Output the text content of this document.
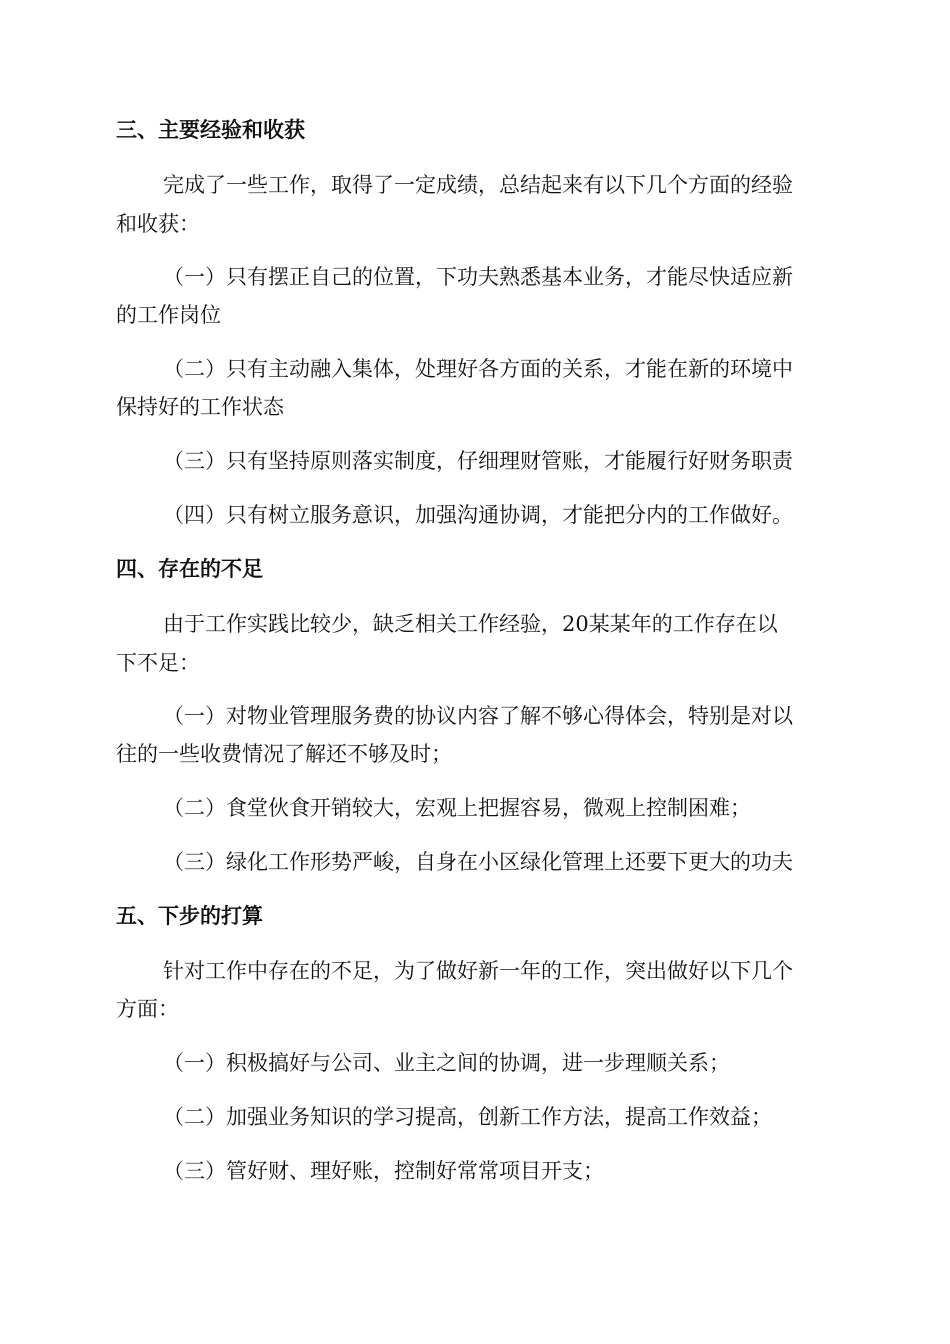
三、主要经验和收获
完成了一些工作，取得了一定成绩，总结起来有以下几个方面的经验
和收获：
（一）只有摆正自己的位置，下功夫熟悉基本业务，才能尽快适应新
的工作岗位
（二）只有主动融入集体，处理好各方面的关系，才能在新的环境中
保持好的工作状态
（三）只有坚持原则落实制度，仔细理财管账，才能履行好财务职责
（四）只有树立服务意识，加强沟通协调，才能把分内的工作做好。
四、存在的不足
由于工作实践比较少，缺乏相关工作经验，20某某年的工作存在以
下不足：
（一）对物业管理服务费的协议内容了解不够心得体会，特别是对以
往的一些收费情况了解还不够及时；
（二）食堂伙食开销较大，宏观上把握容易，微观上控制困难；
（三）绿化工作形势严峻，自身在小区绿化管理上还要下更大的功夫
五、下步的打算
针对工作中存在的不足，为了做好新一年的工作，突出做好以下几个
方面：
（一）积极搞好与公司、业主之间的协调，进一步理顺关系；
（二）加强业务知识的学习提高，创新工作方法，提高工作效益；
（三）管好财、理好账，控制好常常项目开支；
